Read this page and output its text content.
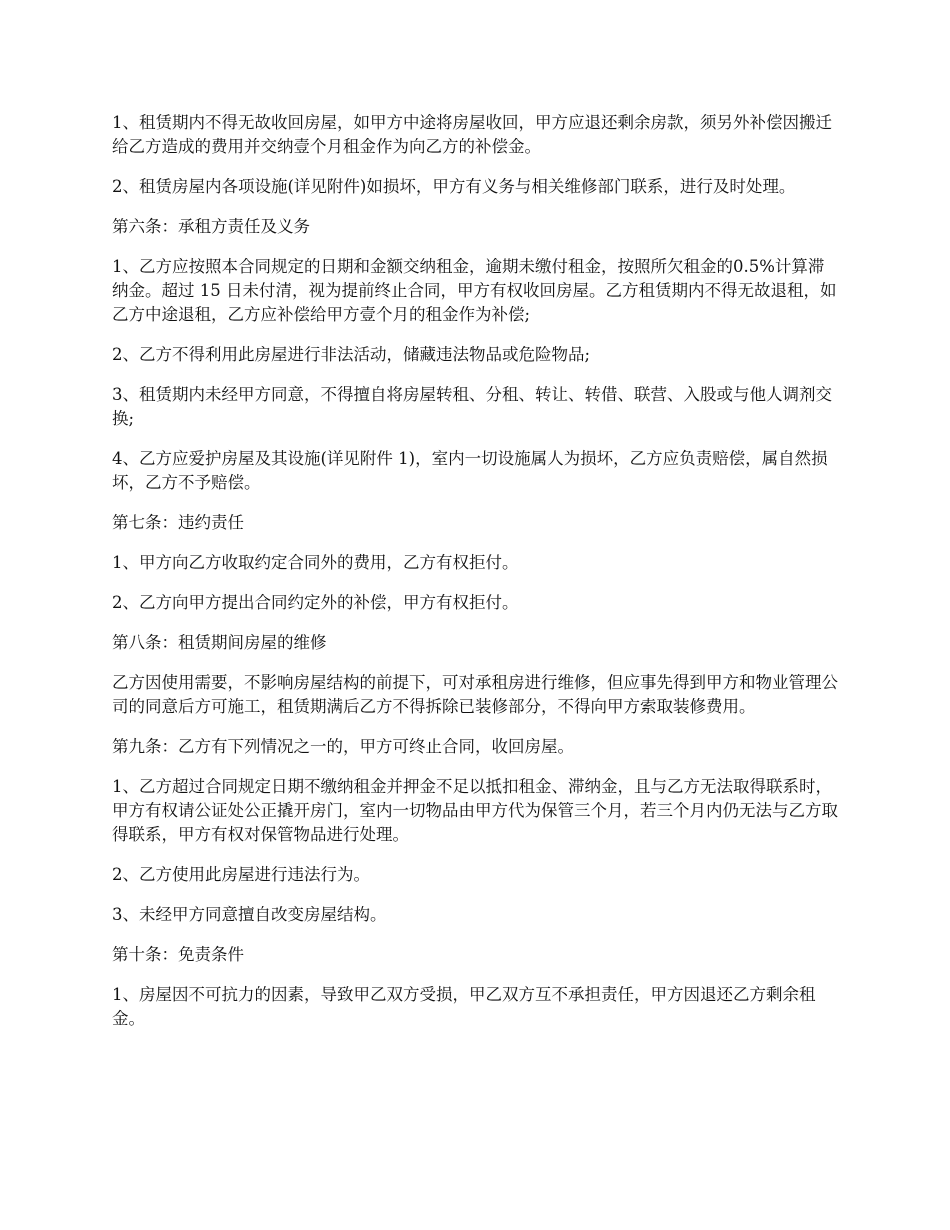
1、租赁期内不得无故收回房屋，如甲方中途将房屋收回，甲方应退还剩余房款，须另外补偿因搬迁给乙方造成的费用并交纳壹个月租金作为向乙方的补偿金。

2、租赁房屋内各项设施(详见附件)如损坏，甲方有义务与相关维修部门联系，进行及时处理。

第六条：承租方责任及义务

1、乙方应按照本合同规定的日期和金额交纳租金，逾期未缴付租金，按照所欠租金的0.5%计算滞纳金。超过 15 日未付清，视为提前终止合同，甲方有权收回房屋。乙方租赁期内不得无故退租，如乙方中途退租，乙方应补偿给甲方壹个月的租金作为补偿;

2、乙方不得利用此房屋进行非法活动，储藏违法物品或危险物品;

3、租赁期内未经甲方同意，不得擅自将房屋转租、分租、转让、转借、联营、入股或与他人调剂交换;

4、乙方应爱护房屋及其设施(详见附件 1)，室内一切设施属人为损坏，乙方应负责赔偿，属自然损坏，乙方不予赔偿。

第七条：违约责任

1、甲方向乙方收取约定合同外的费用，乙方有权拒付。

2、乙方向甲方提出合同约定外的补偿，甲方有权拒付。

第八条：租赁期间房屋的维修

乙方因使用需要，不影响房屋结构的前提下，可对承租房进行维修，但应事先得到甲方和物业管理公司的同意后方可施工，租赁期满后乙方不得拆除已装修部分，不得向甲方索取装修费用。

第九条：乙方有下列情况之一的，甲方可终止合同，收回房屋。

1、乙方超过合同规定日期不缴纳租金并押金不足以抵扣租金、滞纳金，且与乙方无法取得联系时，甲方有权请公证处公正撬开房门，室内一切物品由甲方代为保管三个月，若三个月内仍无法与乙方取得联系，甲方有权对保管物品进行处理。

2、乙方使用此房屋进行违法行为。

3、未经甲方同意擅自改变房屋结构。

第十条：免责条件

1、房屋因不可抗力的因素，导致甲乙双方受损，甲乙双方互不承担责任，甲方因退还乙方剩余租金。
